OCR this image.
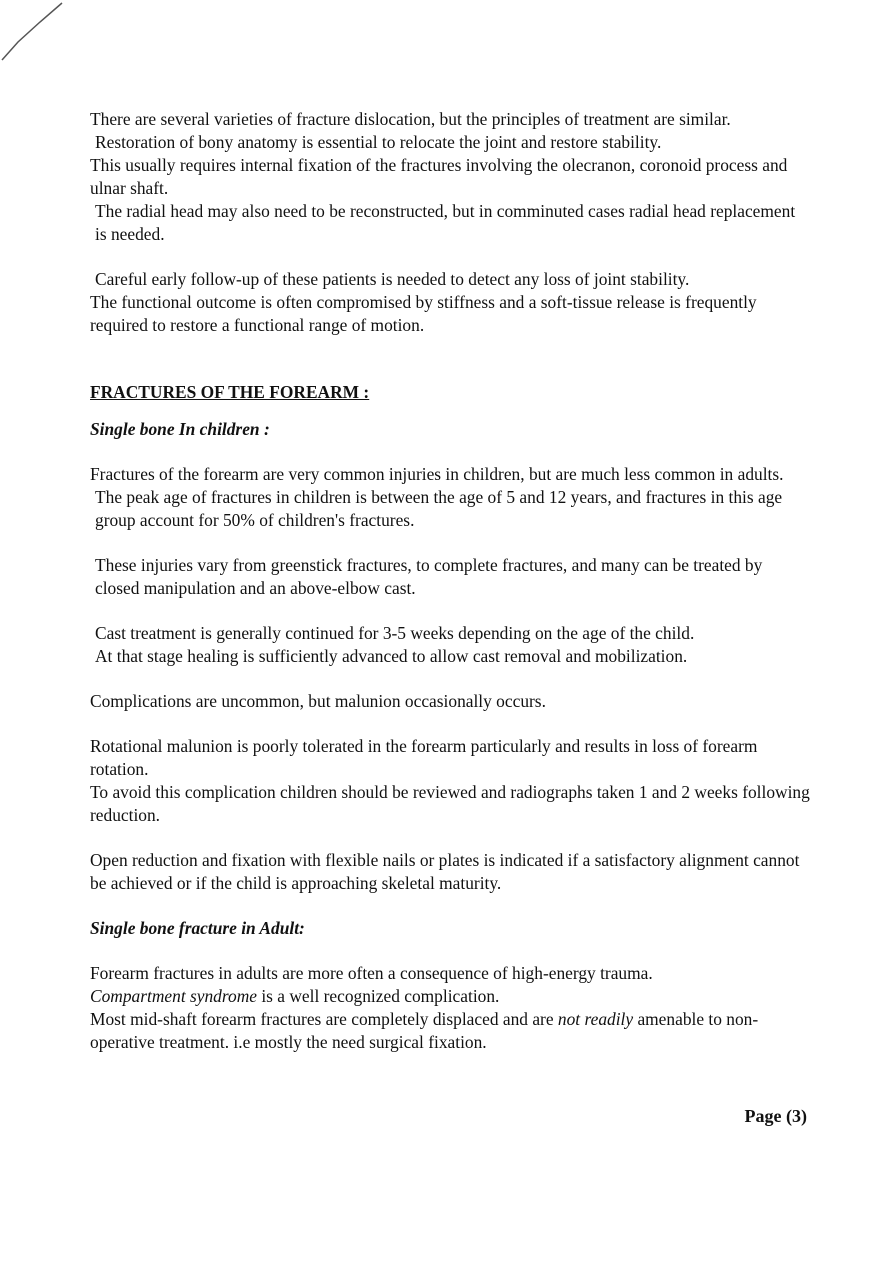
There are several varieties of fracture dislocation, but the principles of treatment are similar.

Restoration of bony anatomy is essential to relocate the joint and restore stability.

This usually requires internal fixation of the fractures involving the olecranon, coronoid process and ulnar shaft.

The radial head may also need to be reconstructed, but in comminuted cases radial head replacement is needed.

Careful early follow-up of these patients is needed to detect any loss of joint stability.

The functional outcome is often compromised by stiffness and a soft-tissue release is frequently required to restore a functional range of motion.

FRACTURES OF THE FOREARM :

Single bone In children :

Fractures of the forearm are very common injuries in children, but are much less common in adults.

The peak age of fractures in children is between the age of 5 and 12 years, and fractures in this age group account for 50% of children's fractures.

These injuries vary from greenstick fractures, to complete fractures, and many can be treated by closed manipulation and an above-elbow cast.

Cast treatment is generally continued for 3-5 weeks depending on the age of the child.

At that stage healing is sufficiently advanced to allow cast removal and mobilization.

Complications are uncommon, but malunion occasionally occurs.

Rotational malunion is poorly tolerated in the forearm particularly and results in loss of forearm rotation.

To avoid this complication children should be reviewed and radiographs taken 1 and 2 weeks following reduction.

Open reduction and fixation with flexible nails or plates is indicated if a satisfactory alignment cannot be achieved or if the child is approaching skeletal maturity.

Single bone fracture in Adult:

Forearm fractures in adults are more often a consequence of high-energy trauma.

Compartment syndrome is a well recognized complication.

Most mid-shaft forearm fractures are completely displaced and are not readily amenable to non-operative treatment. i.e mostly the need surgical fixation.

Page (3)
